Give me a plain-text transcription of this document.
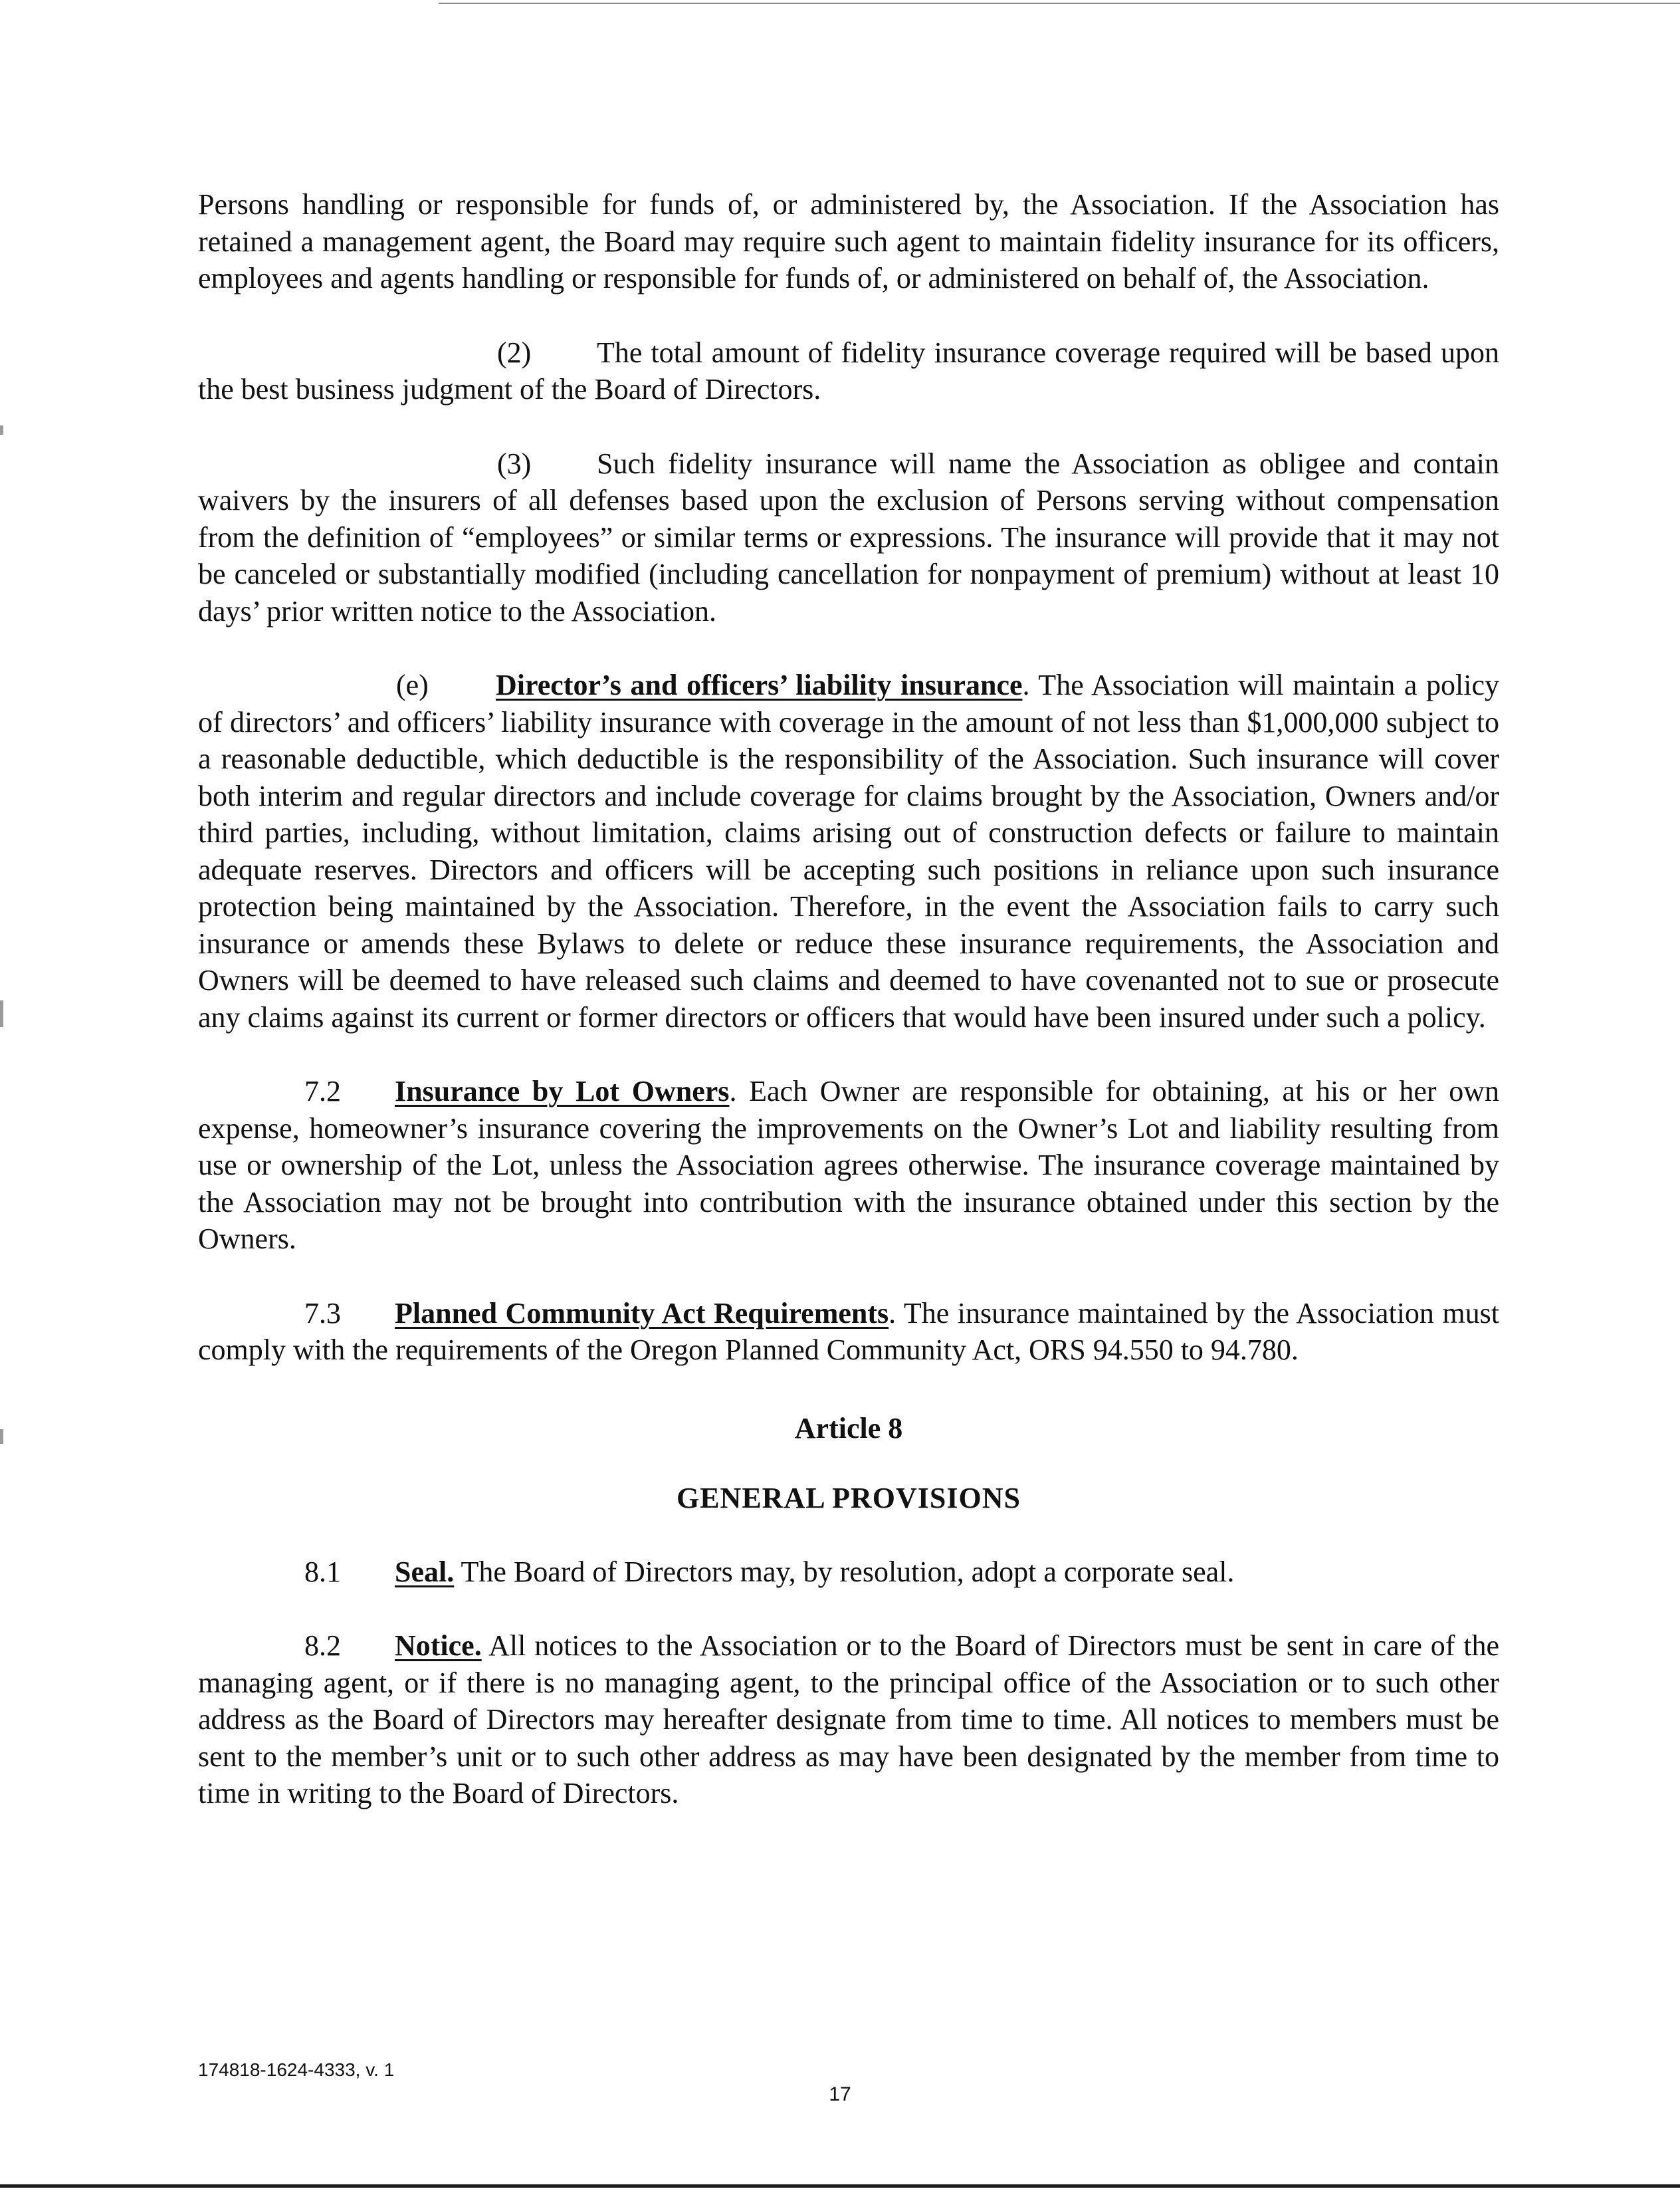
Persons handling or responsible for funds of, or administered by, the Association. If the Association has retained a management agent, the Board may require such agent to maintain fidelity insurance for its officers, employees and agents handling or responsible for funds of, or administered on behalf of, the Association.

(2) The total amount of fidelity insurance coverage required will be based upon the best business judgment of the Board of Directors.

(3) Such fidelity insurance will name the Association as obligee and contain waivers by the insurers of all defenses based upon the exclusion of Persons serving without compensation from the definition of “employees” or similar terms or expressions. The insurance will provide that it may not be canceled or substantially modified (including cancellation for nonpayment of premium) without at least 10 days’ prior written notice to the Association.

(e) Director’s and officers’ liability insurance. The Association will maintain a policy of directors’ and officers’ liability insurance with coverage in the amount of not less than $1,000,000 subject to a reasonable deductible, which deductible is the responsibility of the Association. Such insurance will cover both interim and regular directors and include coverage for claims brought by the Association, Owners and/or third parties, including, without limitation, claims arising out of construction defects or failure to maintain adequate reserves. Directors and officers will be accepting such positions in reliance upon such insurance protection being maintained by the Association. Therefore, in the event the Association fails to carry such insurance or amends these Bylaws to delete or reduce these insurance requirements, the Association and Owners will be deemed to have released such claims and deemed to have covenanted not to sue or prosecute any claims against its current or former directors or officers that would have been insured under such a policy.

7.2 Insurance by Lot Owners. Each Owner are responsible for obtaining, at his or her own expense, homeowner’s insurance covering the improvements on the Owner’s Lot and liability resulting from use or ownership of the Lot, unless the Association agrees otherwise. The insurance coverage maintained by the Association may not be brought into contribution with the insurance obtained under this section by the Owners.

7.3 Planned Community Act Requirements. The insurance maintained by the Association must comply with the requirements of the Oregon Planned Community Act, ORS 94.550 to 94.780.

Article 8
GENERAL PROVISIONS

8.1 Seal. The Board of Directors may, by resolution, adopt a corporate seal.

8.2 Notice. All notices to the Association or to the Board of Directors must be sent in care of the managing agent, or if there is no managing agent, to the principal office of the Association or to such other address as the Board of Directors may hereafter designate from time to time. All notices to members must be sent to the member’s unit or to such other address as may have been designated by the member from time to time in writing to the Board of Directors.

174818-1624-4333, v. 1
17
